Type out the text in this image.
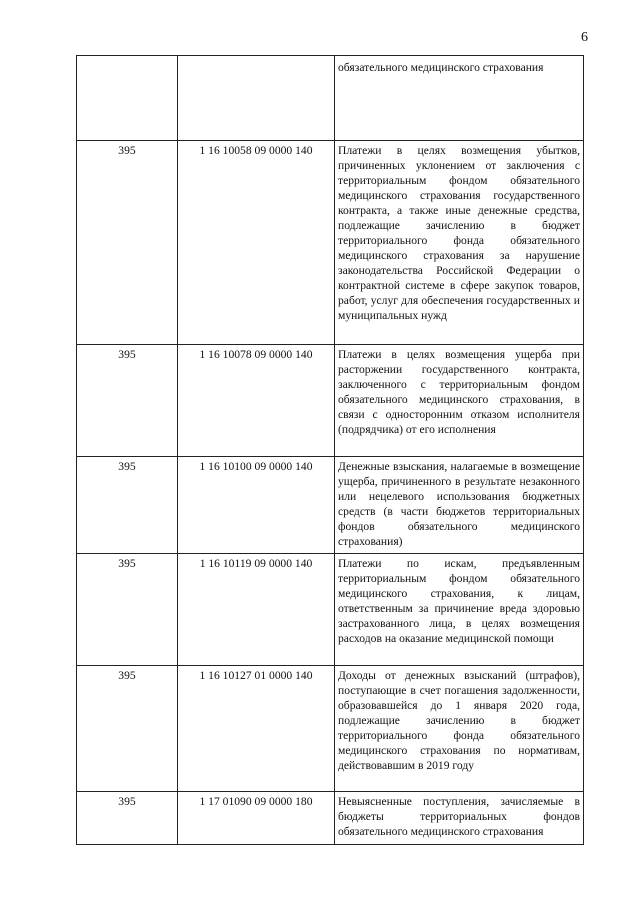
6
		обязательного медицинского страхования
395	1 16 10058 09 0000 140	Платежи в целях возмещения убытков, причиненных уклонением от заключения с территориальным фондом обязательного медицинского страхования государственного контракта, а также иные денежные средства, подлежащие зачислению в бюджет территориального фонда обязательного медицинского страхования за нарушение законодательства Российской Федерации о контрактной системе в сфере закупок товаров, работ, услуг для обеспечения государственных и муниципальных нужд
395	1 16 10078 09 0000 140	Платежи в целях возмещения ущерба при расторжении государственного контракта, заключенного с территориальным фондом обязательного медицинского страхования, в связи с односторонним отказом исполнителя (подрядчика) от его исполнения
395	1 16 10100 09 0000 140	Денежные взыскания, налагаемые в возмещение ущерба, причиненного в результате незаконного или нецелевого использования бюджетных средств (в части бюджетов территориальных фондов обязательного медицинского страхования)
395	1 16 10119 09 0000 140	Платежи по искам, предъявленным территориальным фондом обязательного медицинского страхования, к лицам, ответственным за причинение вреда здоровью застрахованного лица, в целях возмещения расходов на оказание медицинской помощи
395	1 16 10127 01 0000 140	Доходы от денежных взысканий (штрафов), поступающие в счет погашения задолженности, образовавшейся до 1 января 2020 года, подлежащие зачислению в бюджет территориального фонда обязательного медицинского страхования по нормативам, действовавшим в 2019 году
395	1 17 01090 09 0000 180	Невыясненные поступления, зачисляемые в бюджеты территориальных фондов обязательного медицинского страхования
